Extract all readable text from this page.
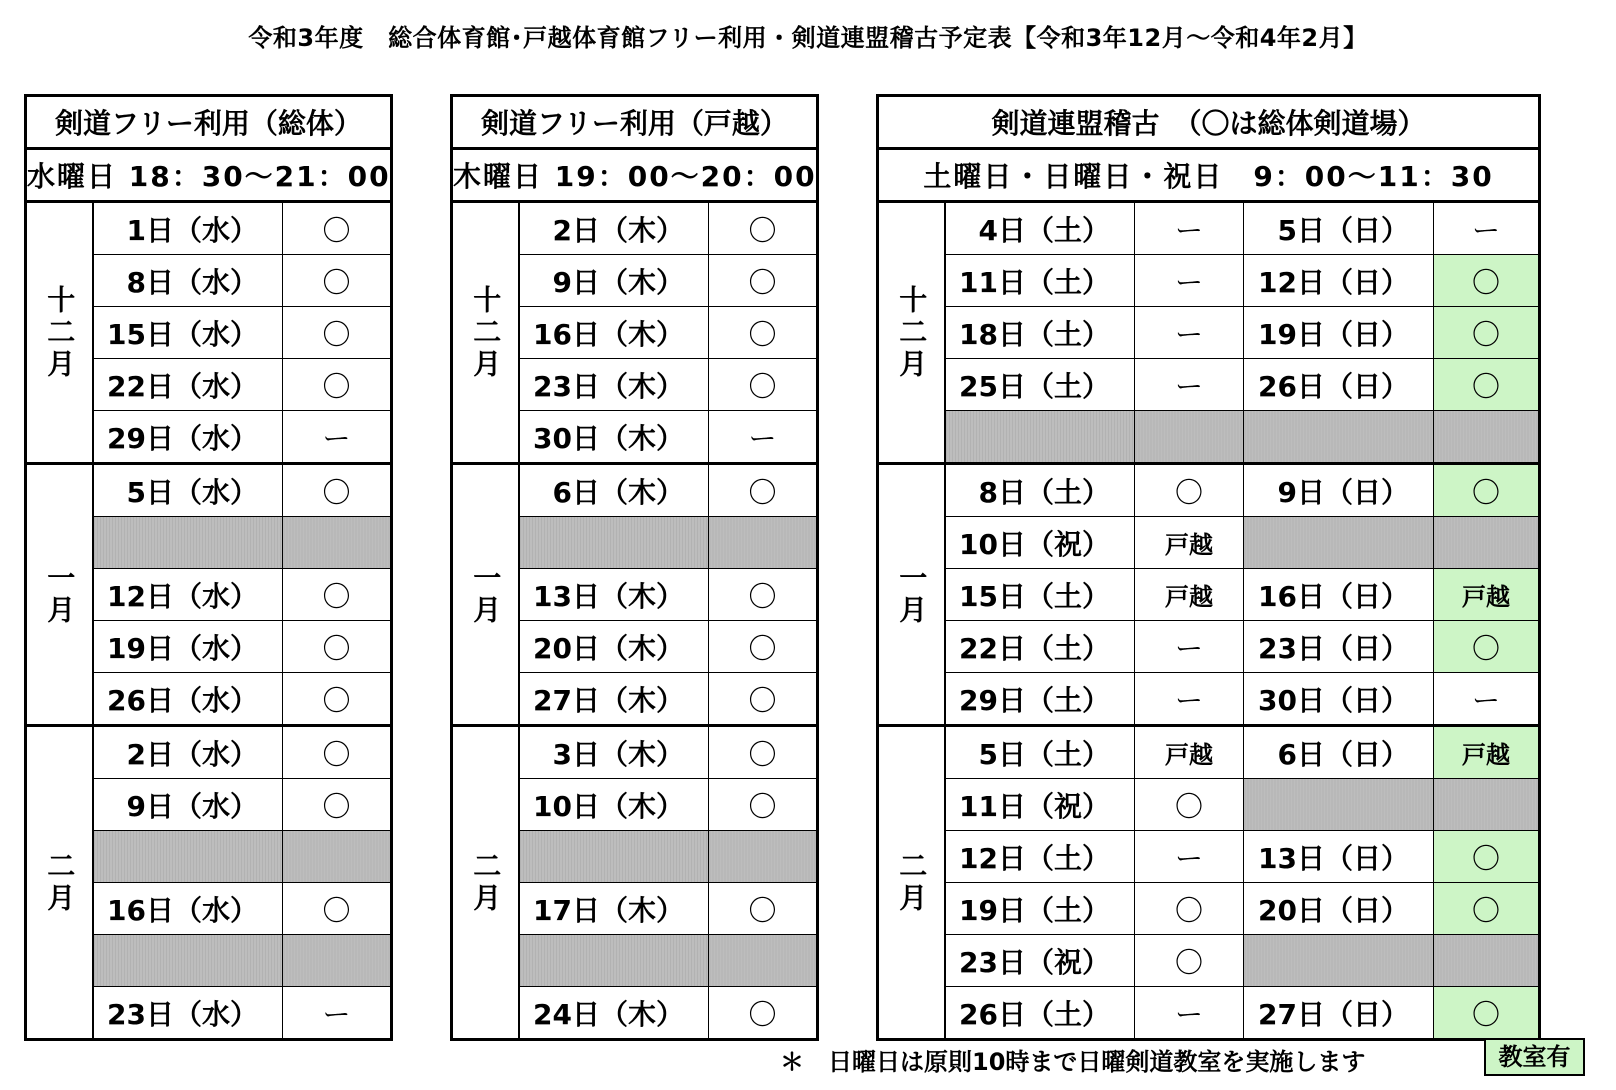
令和3年度　総合体育館･戸越体育館フリー利用・剣道連盟稽古予定表【令和3年12月～令和4年2月】
剣道フリー利用（総体）		
水曜日 18：30～21：00		
十二月	1日（水）	〇
	8日（水）	〇
	15日（水）	〇
	22日（水）	〇
	29日（水）	ー
一月	5日（水）	〇

	12日（水）	〇
	19日（水）	〇
	26日（水）	〇
二月	2日（水）	〇
	9日（水）	〇

	16日（水）	〇

	23日（水）	ー
剣道フリー利用（戸越）		
木曜日 19：00～20：00		
十二月	2日（木）	〇
	9日（木）	〇
	16日（木）	〇
	23日（木）	〇
	30日（木）	ー
一月	6日（木）	〇

	13日（木）	〇
	20日（木）	〇
	27日（木）	〇
二月	3日（木）	〇
	10日（木）	〇

	17日（木）	〇

	24日（木）	〇
剣道連盟稽古　（〇は総体剣道場）				
土曜日・日曜日・祝日　9：00～11：30				
十二月	4日（土）	ー	5日（日）	ー
	11日（土）	ー	12日（日）	〇
	18日（土）	ー	19日（日）	〇
	25日（土）	ー	26日（日）	〇

一月	8日（土）	〇	9日（日）	〇
	10日（祝）	戸越		
	15日（土）	戸越	16日（日）	戸越
	22日（土）	ー	23日（日）	〇
	29日（土）	ー	30日（日）	ー
二月	5日（土）	戸越	6日（日）	戸越
	11日（祝）	〇		
	12日（土）	ー	13日（日）	〇
	19日（土）	〇	20日（日）	〇
	23日（祝）	〇		
	26日（土）	ー	27日（日）	〇
＊　日曜日は原則10時まで日曜剣道教室を実施します	教室有
